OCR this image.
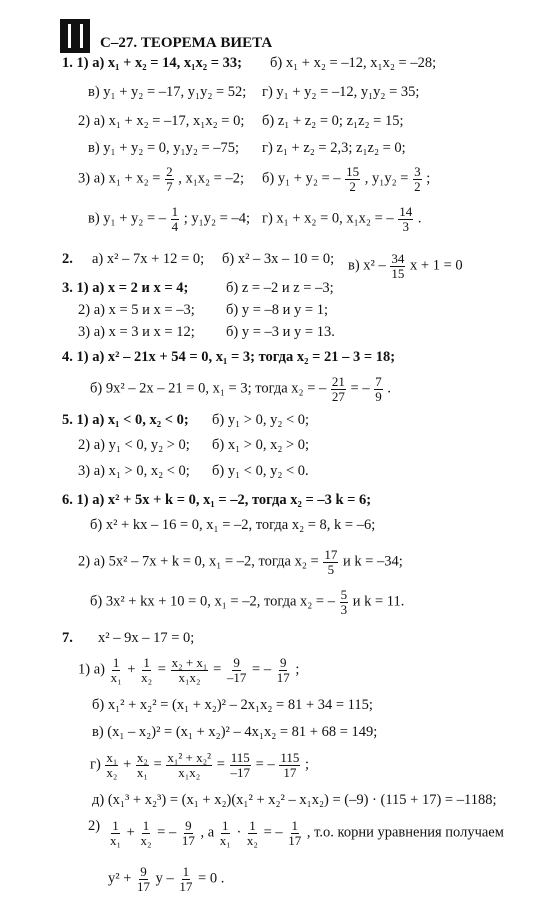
С–27. ТЕОРЕМА ВИЕТА
1. 1) а) x₁ + x₂ = 14, x₁x₂ = 33; б) x₁ + x₂ = –12, x₁x₂ = –28;
в) y₁ + y₂ = –17, y₁y₂ = 52; г) y₁ + y₂ = –12, y₁y₂ = 35;
2) а) x₁ + x₂ = –17, x₁x₂ = 0; б) z₁ + z₂ = 0; z₁z₂ = 15;
в) y₁ + y₂ = 0, y₁y₂ = –75; г) z₁ + z₂ = 2,3; z₁z₂ = 0;
3) а) $x_1 + x_2 = \frac{2}{7}$ , x₁x₂ = –2; б) y₁ + y₂ = – $\frac{15}{2}$ , $y_1y_2 = \frac{3}{2}$ ;
в) y₁ + y₂ = – $\frac{1}{4}$ ; y₁y₂ = –4; г) x₁ + x₂ = 0, x₁x₂ = – $\frac{14}{3}$ .
2. а) x² – 7x + 12 = 0; б) x² – 3x – 10 = 0; в) $x^2 - \frac{34}{15}$ x + 1 = 0
3. 1) а) x = 2 и x = 4;	б) z = –2 и z = –3;
2) а) x = 5 и x = –3; б) y = –8 и y = 1;
3) а) x = 3 и x = 12; б) y = –3 и y = 13.
4. 1) а) x² – 21x + 54 = 0, x₁ = 3; тогда x₂ = 21 – 3 = 18;
б) 9x² – 2x – 21 = 0, x₁ = 3; тогда x₂ = – $\frac{21}{27}$ = – $\frac{7}{9}$ .
5. 1) а) x₁ < 0, x₂ < 0; б) y₁ > 0, y₂ < 0;
2) а) y₁ < 0, y₂ > 0; б) x₁ > 0, x₂ > 0;
3) а) x₁ > 0, x₂ < 0; б) y₁ < 0, y₂ < 0.
6. 1) а) x² + 5x + k = 0, x₁ = –2, тогда x₂ = –3 k = 6;
б) x² + kx – 16 = 0, x₁ = –2, тогда x₂ = 8, k = –6;
2) а) 5x² – 7x + k = 0, x₁ = –2, тогда $x_2 = \frac{17}{5}$ и k = –34;
б) 3x² + kx + 10 = 0, x₁ = –2, тогда x₂ = – $\frac{5}{3}$ и k = 11.
7. x² – 9x – 17 = 0;
1) $а) \frac{1}{\text{x₁}} + \frac{1}{\text{x₂}} = \frac{\text{x₂ + x₁}}{\text{x₁x₂}} = \frac{9}{-17}$ = – $\frac{9}{17}$ ;
б) x₁² + x₂² = (x₁ + x₂)² – 2x₁x₂ = 81 + 34 = 115;
в) (x₁ – x₂)² = (x₁ + x₂)² – 4x₁x₂ = 81 + 68 = 149;
$г) \frac{\text{x₁}}{\text{x₂}} + \frac{\text{x₂}}{\text{x₁}} = \frac{\text{x₁² + x₂²}}{\text{x₁x₂}} = \frac{115}{-17}$ = – $\frac{115}{17}$ ;
д) (x₁³ + x₂³) = (x₁ + x₂)(x₁² + x₂² – x₁x₂) = (–9) · (115 + 17) = –1188;
$2) \frac{1}{\text{x₁}} + \frac{1}{\text{x₂}}$ = – $\frac{9}{17}$ , а $\frac{1}{\text{x₁}} \cdot \frac{1}{\text{x₂}}$ = – $\frac{1}{17}$ , т.о. корни уравнения получаем
$y^2 + \frac{9}{17}$ $y - \frac{1}{17} = 0$ .
